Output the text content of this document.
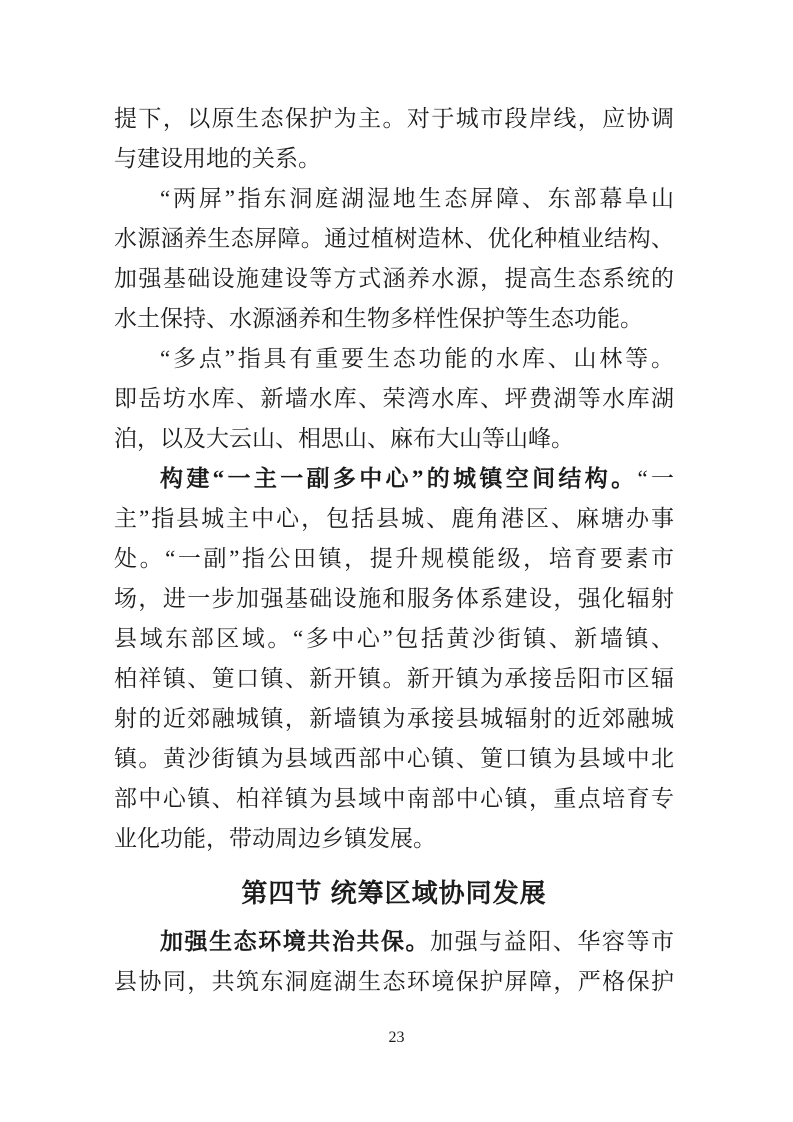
提下，以原生态保护为主。对于城市段岸线，应协调
与建设用地的关系。
“两屏”指东洞庭湖湿地生态屏障、东部幕阜山
水源涵养生态屏障。通过植树造林、优化种植业结构、
加强基础设施建设等方式涵养水源，提高生态系统的
水土保持、水源涵养和生物多样性保护等生态功能。
“多点”指具有重要生态功能的水库、山林等。
即岳坊水库、新墙水库、荣湾水库、坪费湖等水库湖
泊，以及大云山、相思山、麻布大山等山峰。
构建“一主一副多中心”的城镇空间结构。“一
主”指县城主中心，包括县城、鹿角港区、麻塘办事
处。“一副”指公田镇，提升规模能级，培育要素市
场，进一步加强基础设施和服务体系建设，强化辐射
县域东部区域。“多中心”包括黄沙街镇、新墙镇、
柏祥镇、筻口镇、新开镇。新开镇为承接岳阳市区辐
射的近郊融城镇，新墙镇为承接县城辐射的近郊融城
镇。黄沙街镇为县域西部中心镇、筻口镇为县域中北
部中心镇、柏祥镇为县域中南部中心镇，重点培育专
业化功能，带动周边乡镇发展。
第四节 统筹区域协同发展
加强生态环境共治共保。加强与益阳、华容等市
县协同，共筑东洞庭湖生态环境保护屏障，严格保护
23
